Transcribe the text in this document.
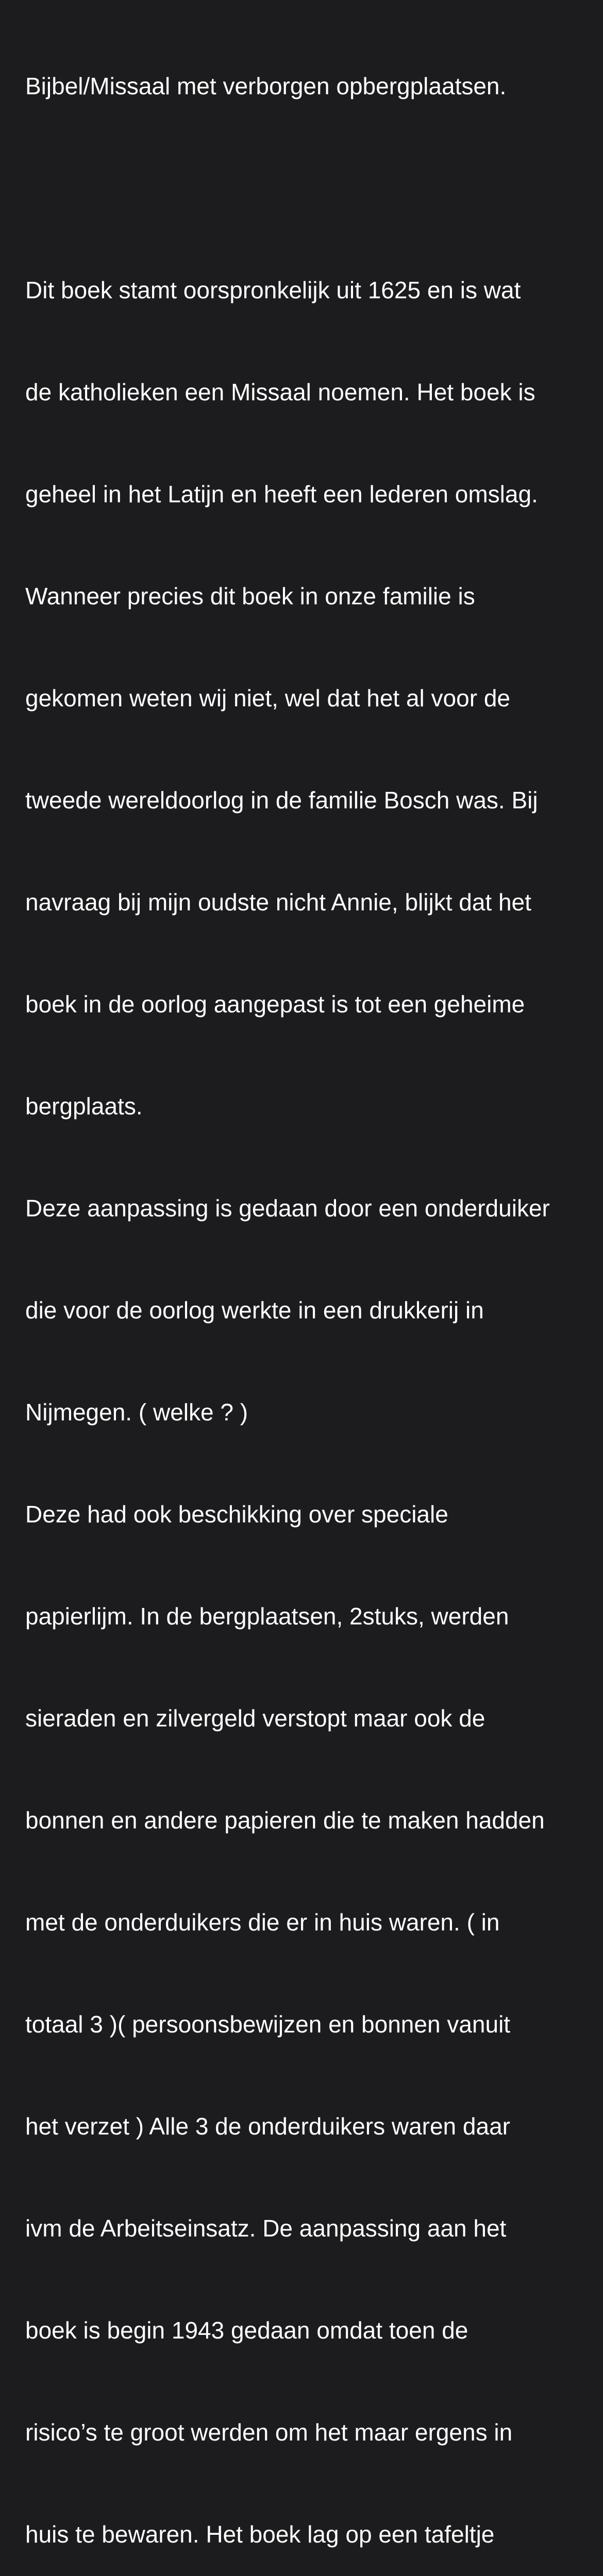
Bijbel/Missaal met verborgen opbergplaatsen.

Dit boek stamt oorspronkelijk uit 1625 en is wat

de katholieken een Missaal noemen. Het boek is

geheel in het Latijn en heeft een lederen omslag.

Wanneer precies dit boek in onze familie is

gekomen weten wij niet, wel dat het al voor de

tweede wereldoorlog in de familie Bosch was. Bij

navraag bij mijn oudste nicht Annie, blijkt dat het

boek in de oorlog aangepast is tot een geheime

bergplaats.

Deze aanpassing is gedaan door een onderduiker

die voor de oorlog werkte in een drukkerij in

Nijmegen. ( welke ? )

Deze had ook beschikking over speciale

papierlijm. In de bergplaatsen, 2stuks, werden

sieraden en zilvergeld verstopt maar ook de

bonnen en andere papieren die te maken hadden

met de onderduikers die er in huis waren. ( in

totaal 3 )( persoonsbewijzen en bonnen vanuit

het verzet ) Alle 3 de onderduikers waren daar

ivm de Arbeitseinsatz. De aanpassing aan het

boek is begin 1943 gedaan omdat toen de

risico’s te groot werden om het maar ergens in

huis te bewaren. Het boek lag op een tafeltje
